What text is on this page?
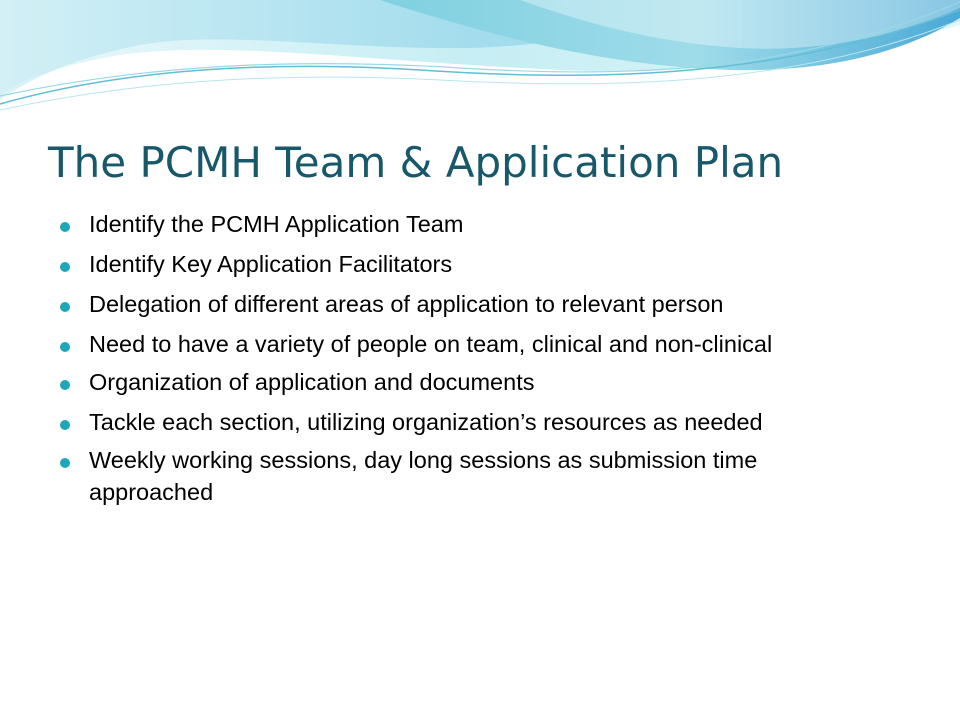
The PCMH Team & Application Plan
Identify the PCMH Application Team
Identify Key Application Facilitators
Delegation of different areas of application to relevant person
Need to have a variety of people on team, clinical and non-clinical
Organization of application and documents
Tackle each section, utilizing organization’s resources as needed
Weekly working sessions, day long sessions as submission time approached
